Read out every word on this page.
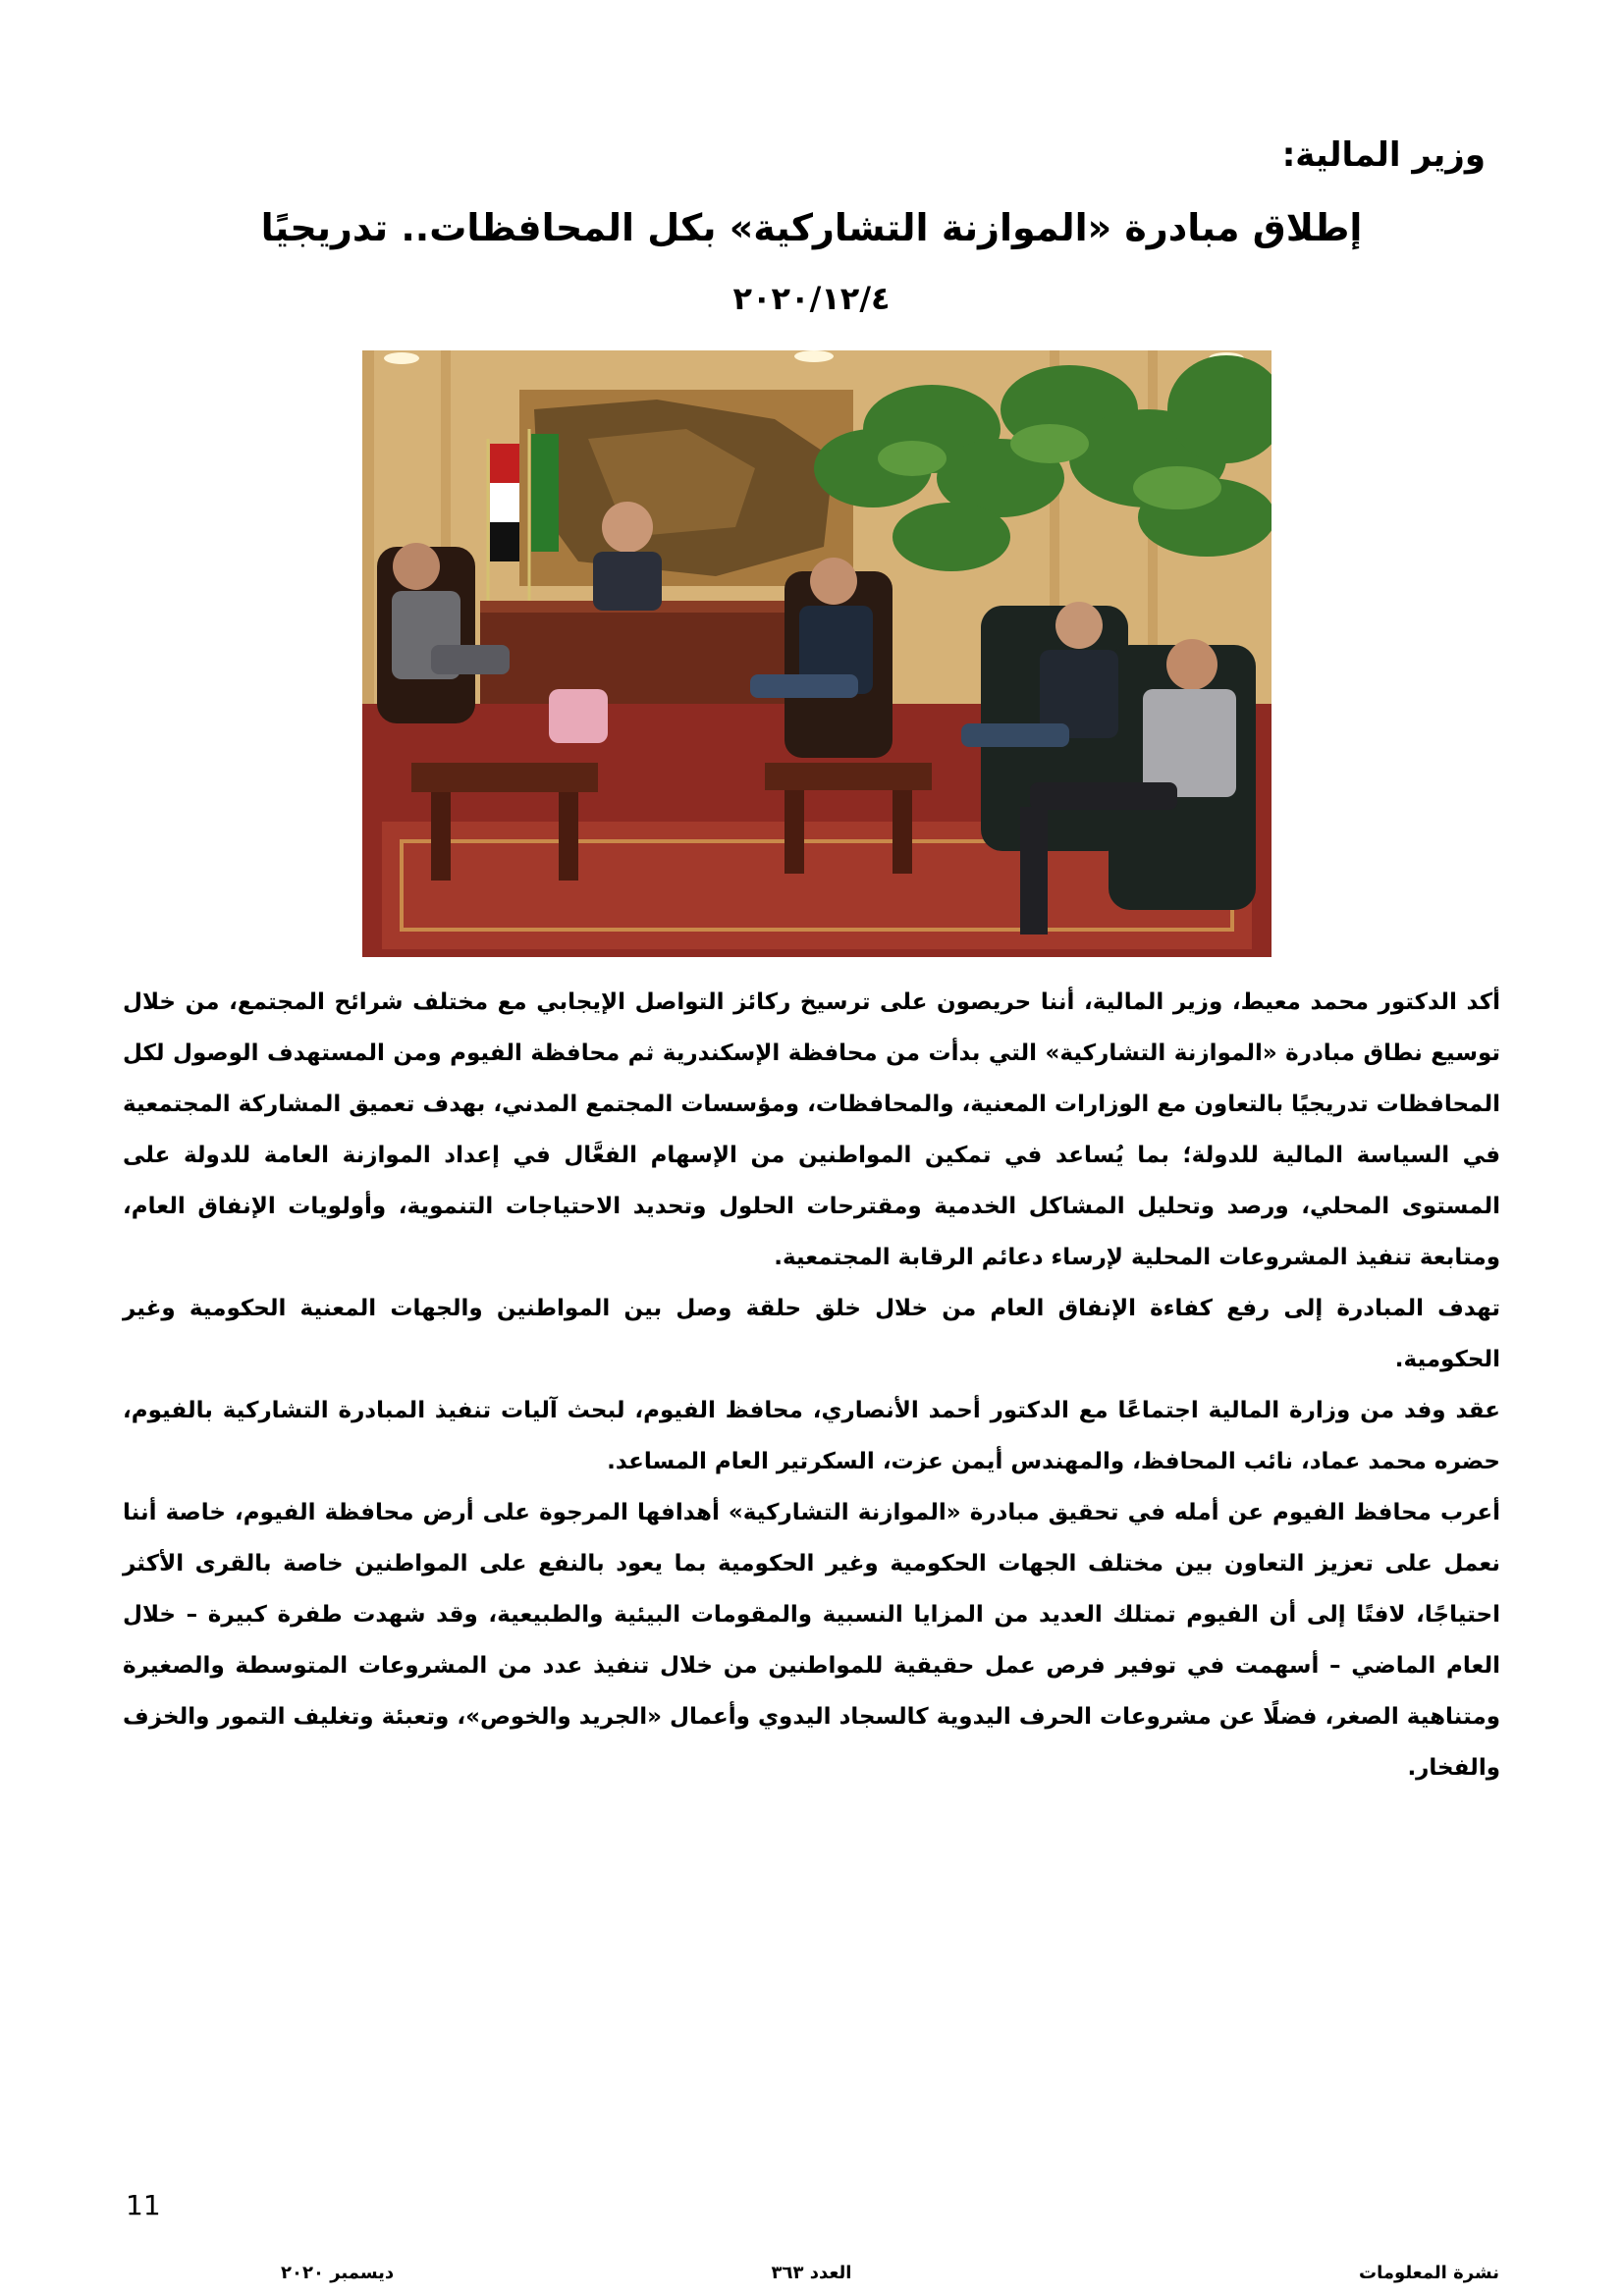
وزير المالية:
إطلاق مبادرة «الموازنة التشاركية» بكل المحافظات.. تدريجيًا
٢٠٢٠/١٢/٤

أكد الدكتور محمد معيط، وزير المالية، أننا حريصون على ترسيخ ركائز التواصل الإيجابي مع مختلف شرائح المجتمع، من خلال توسيع نطاق مبادرة «الموازنة التشاركية» التي بدأت من محافظة الإسكندرية ثم محافظة الفيوم ومن المستهدف الوصول لكل المحافظات تدريجيًا بالتعاون مع الوزارات المعنية، والمحافظات، ومؤسسات المجتمع المدني، بهدف تعميق المشاركة المجتمعية في السياسة المالية للدولة؛ بما يُساعد في تمكين المواطنين من الإسهام الفعَّال في إعداد الموازنة العامة للدولة على المستوى المحلي، ورصد وتحليل المشاكل الخدمية ومقترحات الحلول وتحديد الاحتياجات التنموية، وأولويات الإنفاق العام، ومتابعة تنفيذ المشروعات المحلية لإرساء دعائم الرقابة المجتمعية.

تهدف المبادرة إلى رفع كفاءة الإنفاق العام من خلال خلق حلقة وصل بين المواطنين والجهات المعنية الحكومية وغير الحكومية.

عقد وفد من وزارة المالية اجتماعًا مع الدكتور أحمد الأنصاري، محافظ الفيوم، لبحث آليات تنفيذ المبادرة التشاركية بالفيوم، حضره محمد عماد، نائب المحافظ، والمهندس أيمن عزت، السكرتير العام المساعد.

أعرب محافظ الفيوم عن أمله في تحقيق مبادرة «الموازنة التشاركية» أهدافها المرجوة على أرض محافظة الفيوم، خاصة أننا نعمل على تعزيز التعاون بين مختلف الجهات الحكومية وغير الحكومية بما يعود بالنفع على المواطنين خاصة بالقرى الأكثر احتياجًا، لافتًا إلى أن الفيوم تمتلك العديد من المزايا النسبية والمقومات البيئية والطبيعية، وقد شهدت طفرة كبيرة – خلال العام الماضي – أسهمت في توفير فرص عمل حقيقية للمواطنين من خلال تنفيذ عدد من المشروعات المتوسطة والصغيرة ومتناهية الصغر، فضلًا عن مشروعات الحرف اليدوية كالسجاد اليدوي وأعمال «الجريد والخوص»، وتعبئة وتغليف التمور والخزف والفخار.

11
نشرة المعلومات
العدد ٣٦٣
ديسمبر ٢٠٢٠
